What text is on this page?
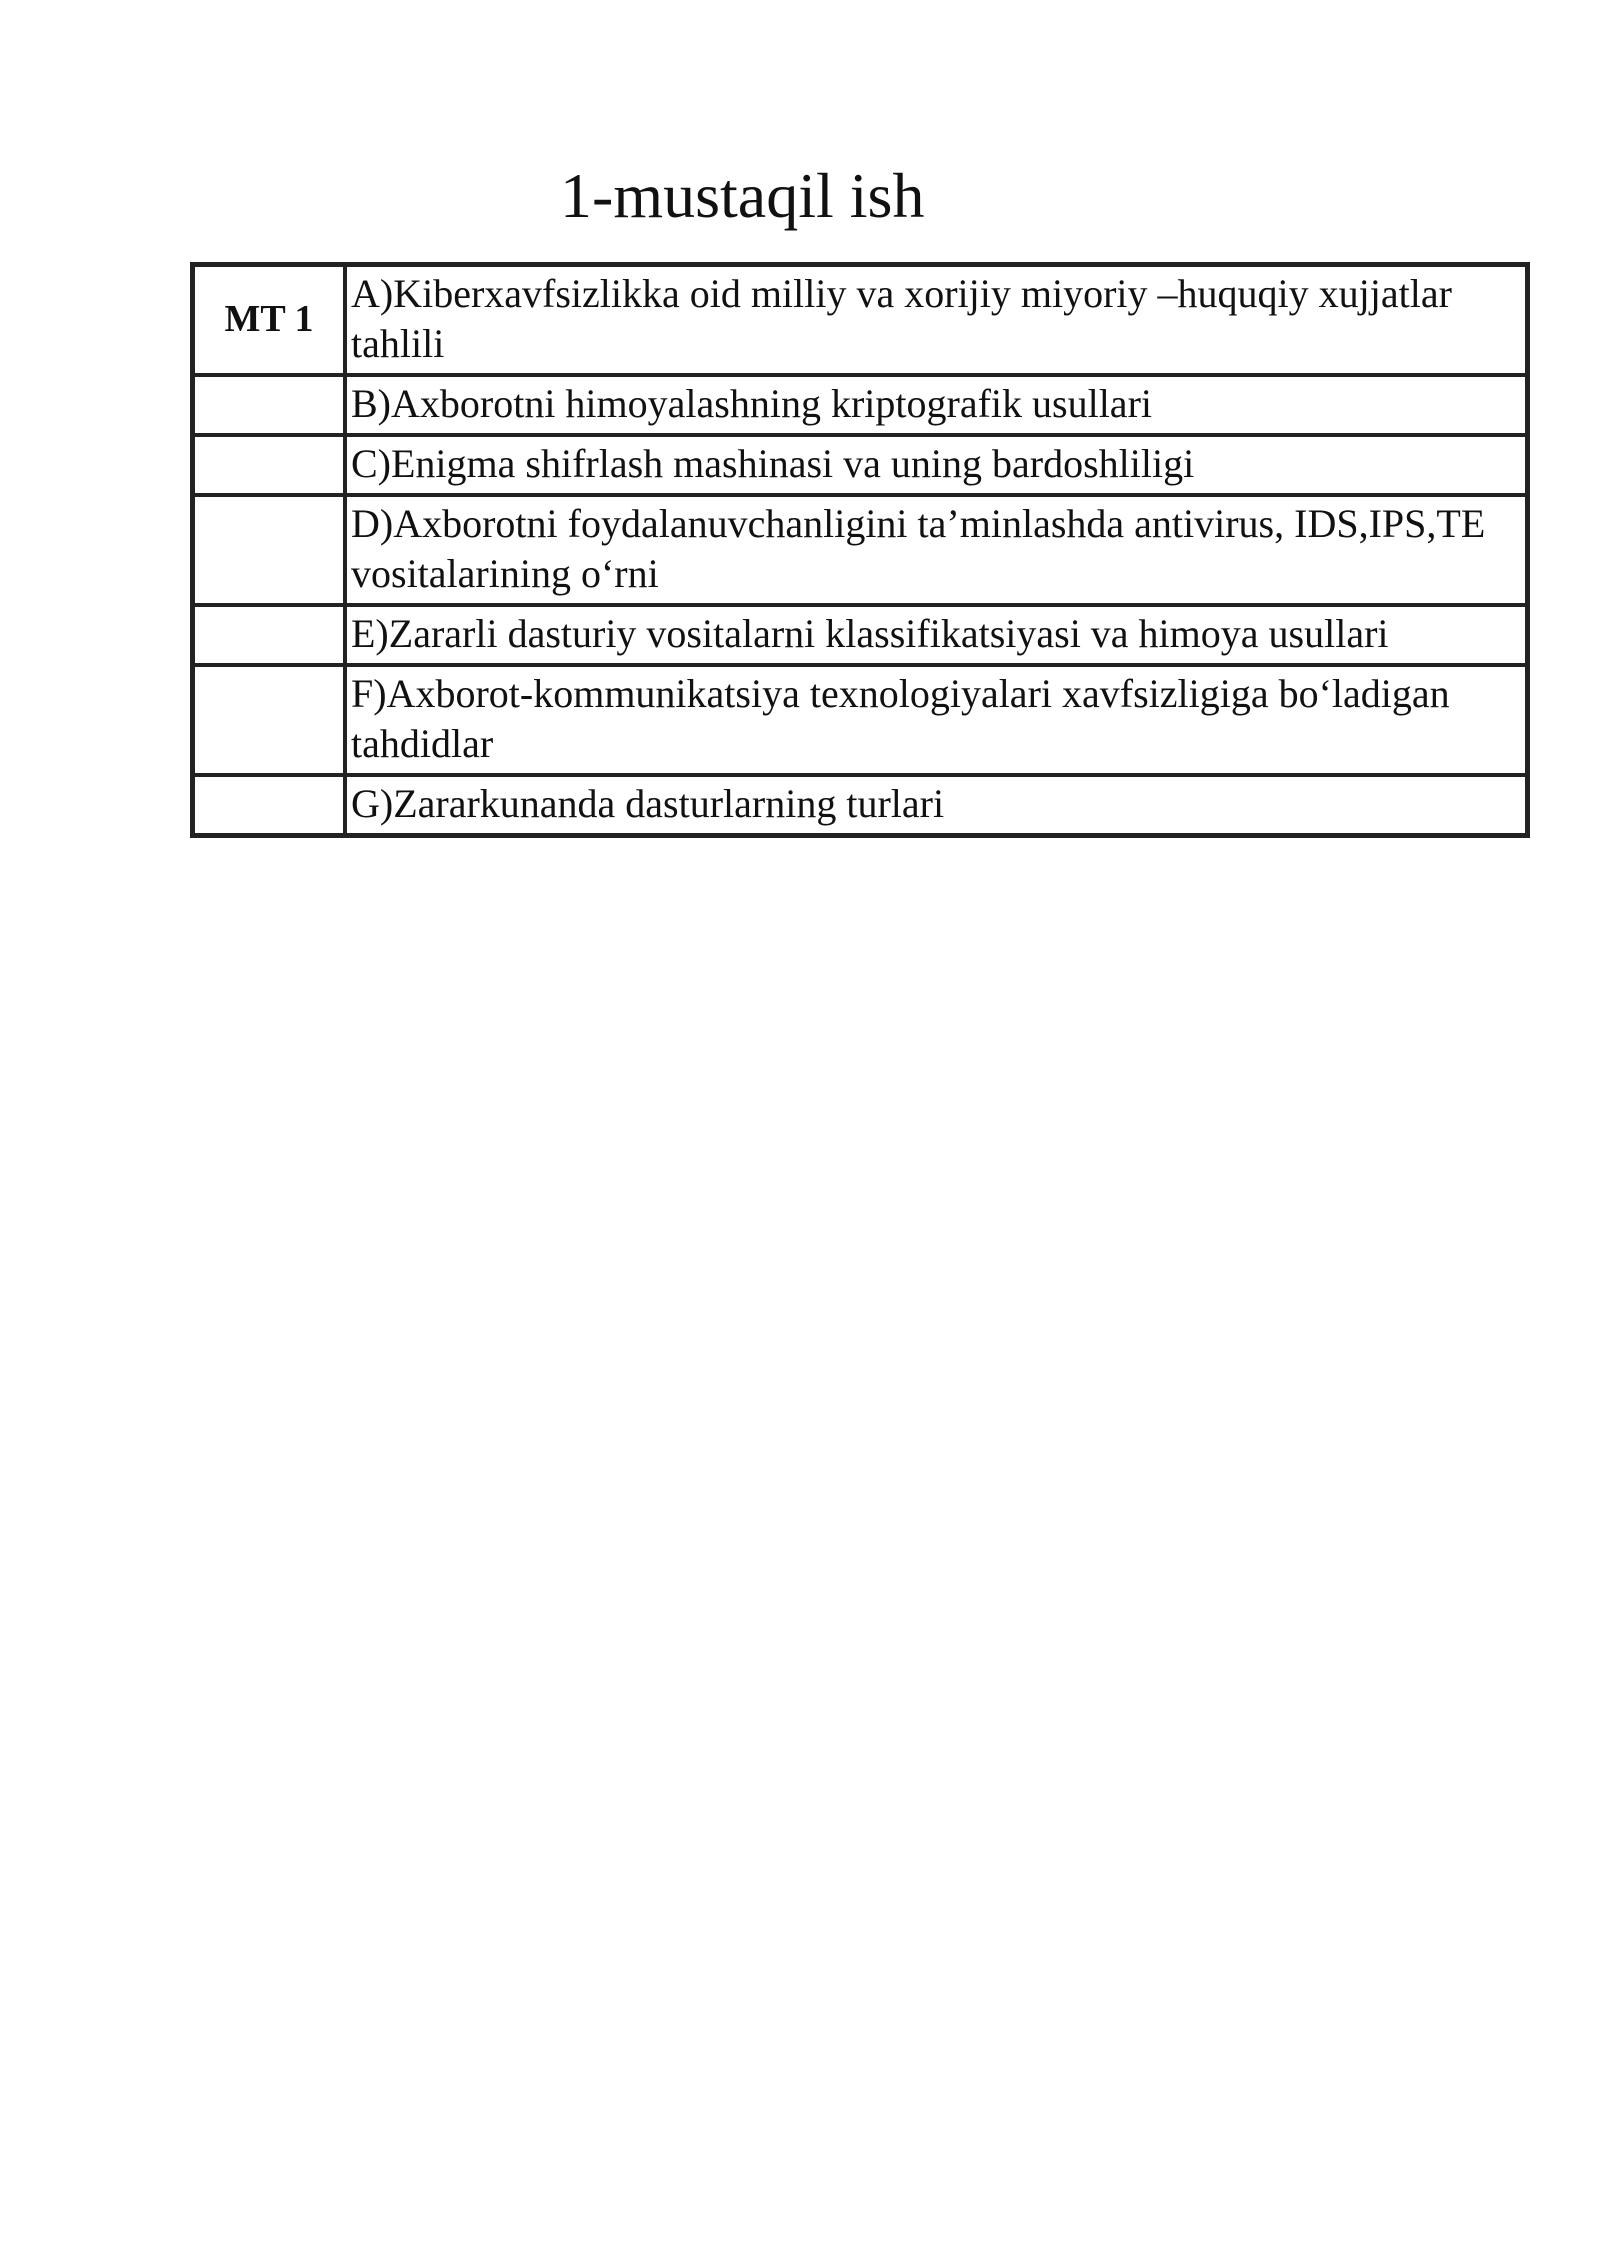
1-mustaqil ish
MT 1	A)Kiberxavfsizlikka oid milliy va xorijiy miyoriy –huquqiy xujjatlar tahlili
	B)Axborotni himoyalashning kriptografik usullari
	C)Enigma shifrlash mashinasi va uning bardoshliligi
	D)Axborotni foydalanuvchanligini ta’minlashda antivirus, IDS,IPS,TE vositalarining o‘rni
	E)Zararli dasturiy vositalarni klassifikatsiyasi va himoya usullari
	F)Axborot-kommunikatsiya texnologiyalari xavfsizligiga bo‘ladigan tahdidlar
	G)Zararkunanda dasturlarning turlari
